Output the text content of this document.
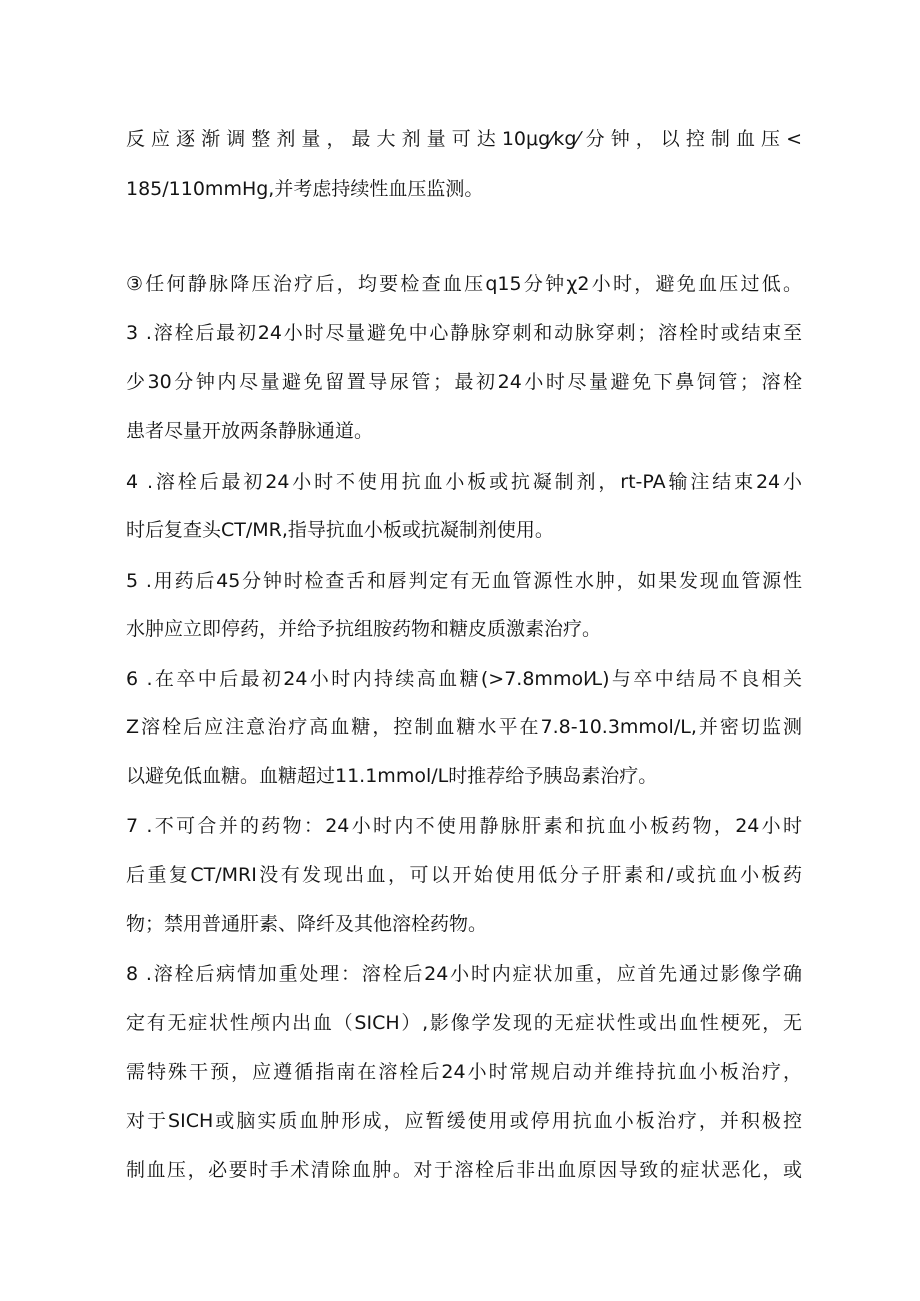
反应逐渐调整剂量，最大剂量可达10μg⁄kg⁄分钟，以控制血压<
185/110mmHg,并考虑持续性血压监测。
③任何静脉降压治疗后，均要检查血压q15分钟χ2小时，避免血压过低。
3 .溶栓后最初24小时尽量避免中心静脉穿刺和动脉穿刺；溶栓时或结束至
少30分钟内尽量避免留置导尿管；最初24小时尽量避免下鼻饲管；溶栓
患者尽量开放两条静脉通道。
4 .溶栓后最初24小时不使用抗血小板或抗凝制剂，rt-PA输注结束24小
时后复查头CT/MR,指导抗血小板或抗凝制剂使用。
5 .用药后45分钟时检查舌和唇判定有无血管源性水肿，如果发现血管源性
水肿应立即停药，并给予抗组胺药物和糖皮质激素治疗。
6 .在卒中后最初24小时内持续高血糖(>7.8mmol⁄L)与卒中结局不良相关
Z溶栓后应注意治疗高血糖，控制血糖水平在7.8-10.3mmol/L,并密切监测
以避免低血糖。血糖超过11.1mmol/L时推荐给予胰岛素治疗。
7 .不可合并的药物：24小时内不使用静脉肝素和抗血小板药物，24小时
后重复CT/MRI没有发现出血，可以开始使用低分子肝素和/或抗血小板药
物；禁用普通肝素、降纤及其他溶栓药物。
8 .溶栓后病情加重处理：溶栓后24小时内症状加重，应首先通过影像学确
定有无症状性颅内出血（SICH）,影像学发现的无症状性或出血性梗死，无
需特殊干预，应遵循指南在溶栓后24小时常规启动并维持抗血小板治疗，
对于SICH或脑实质血肿形成，应暂缓使用或停用抗血小板治疗，并积极控
制血压，必要时手术清除血肿。对于溶栓后非出血原因导致的症状恶化，或
